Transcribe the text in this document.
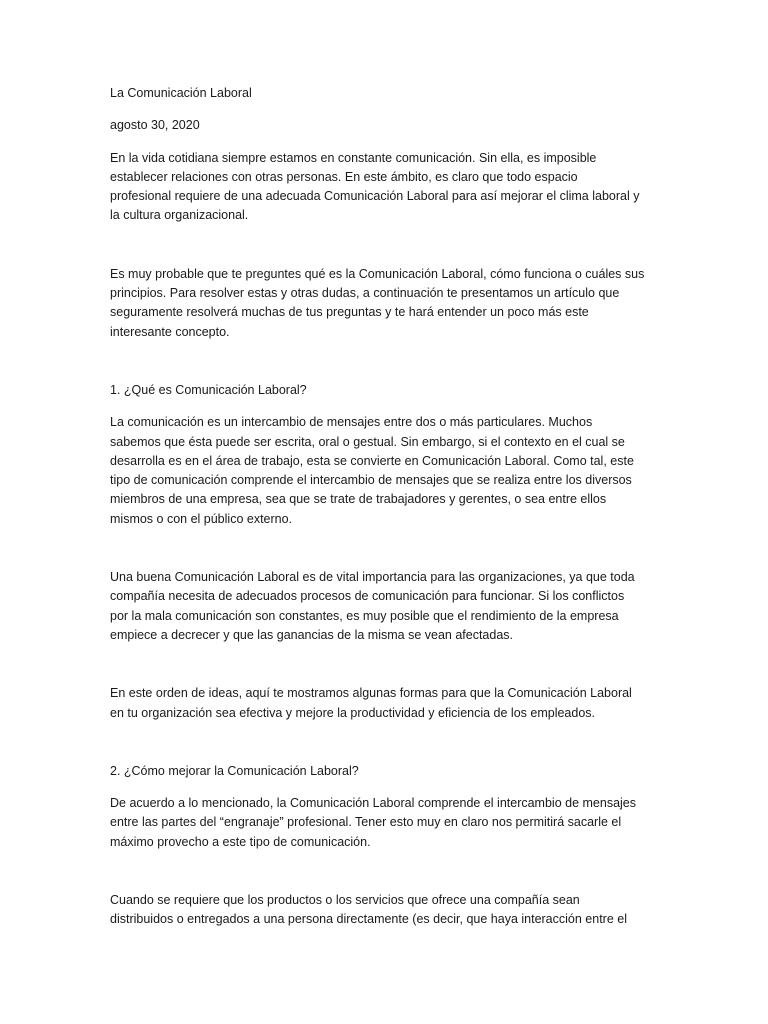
La Comunicación Laboral

agosto 30, 2020

En la vida cotidiana siempre estamos en constante comunicación. Sin ella, es imposible
establecer relaciones con otras personas. En este ámbito, es claro que todo espacio
profesional requiere de una adecuada Comunicación Laboral para así mejorar el clima laboral y
la cultura organizacional.

Es muy probable que te preguntes qué es la Comunicación Laboral, cómo funciona o cuáles sus
principios. Para resolver estas y otras dudas, a continuación te presentamos un artículo que
seguramente resolverá muchas de tus preguntas y te hará entender un poco más este
interesante concepto.

1. ¿Qué es Comunicación Laboral?

La comunicación es un intercambio de mensajes entre dos o más particulares. Muchos
sabemos que ésta puede ser escrita, oral o gestual. Sin embargo, si el contexto en el cual se
desarrolla es en el área de trabajo, esta se convierte en Comunicación Laboral. Como tal, este
tipo de comunicación comprende el intercambio de mensajes que se realiza entre los diversos
miembros de una empresa, sea que se trate de trabajadores y gerentes, o sea entre ellos
mismos o con el público externo.

Una buena Comunicación Laboral es de vital importancia para las organizaciones, ya que toda
compañía necesita de adecuados procesos de comunicación para funcionar. Si los conflictos
por la mala comunicación son constantes, es muy posible que el rendimiento de la empresa
empiece a decrecer y que las ganancias de la misma se vean afectadas.

En este orden de ideas, aquí te mostramos algunas formas para que la Comunicación Laboral
en tu organización sea efectiva y mejore la productividad y eficiencia de los empleados.

2. ¿Cómo mejorar la Comunicación Laboral?

De acuerdo a lo mencionado, la Comunicación Laboral comprende el intercambio de mensajes
entre las partes del “engranaje” profesional. Tener esto muy en claro nos permitirá sacarle el
máximo provecho a este tipo de comunicación.

Cuando se requiere que los productos o los servicios que ofrece una compañía sean
distribuidos o entregados a una persona directamente (es decir, que haya interacción entre el
